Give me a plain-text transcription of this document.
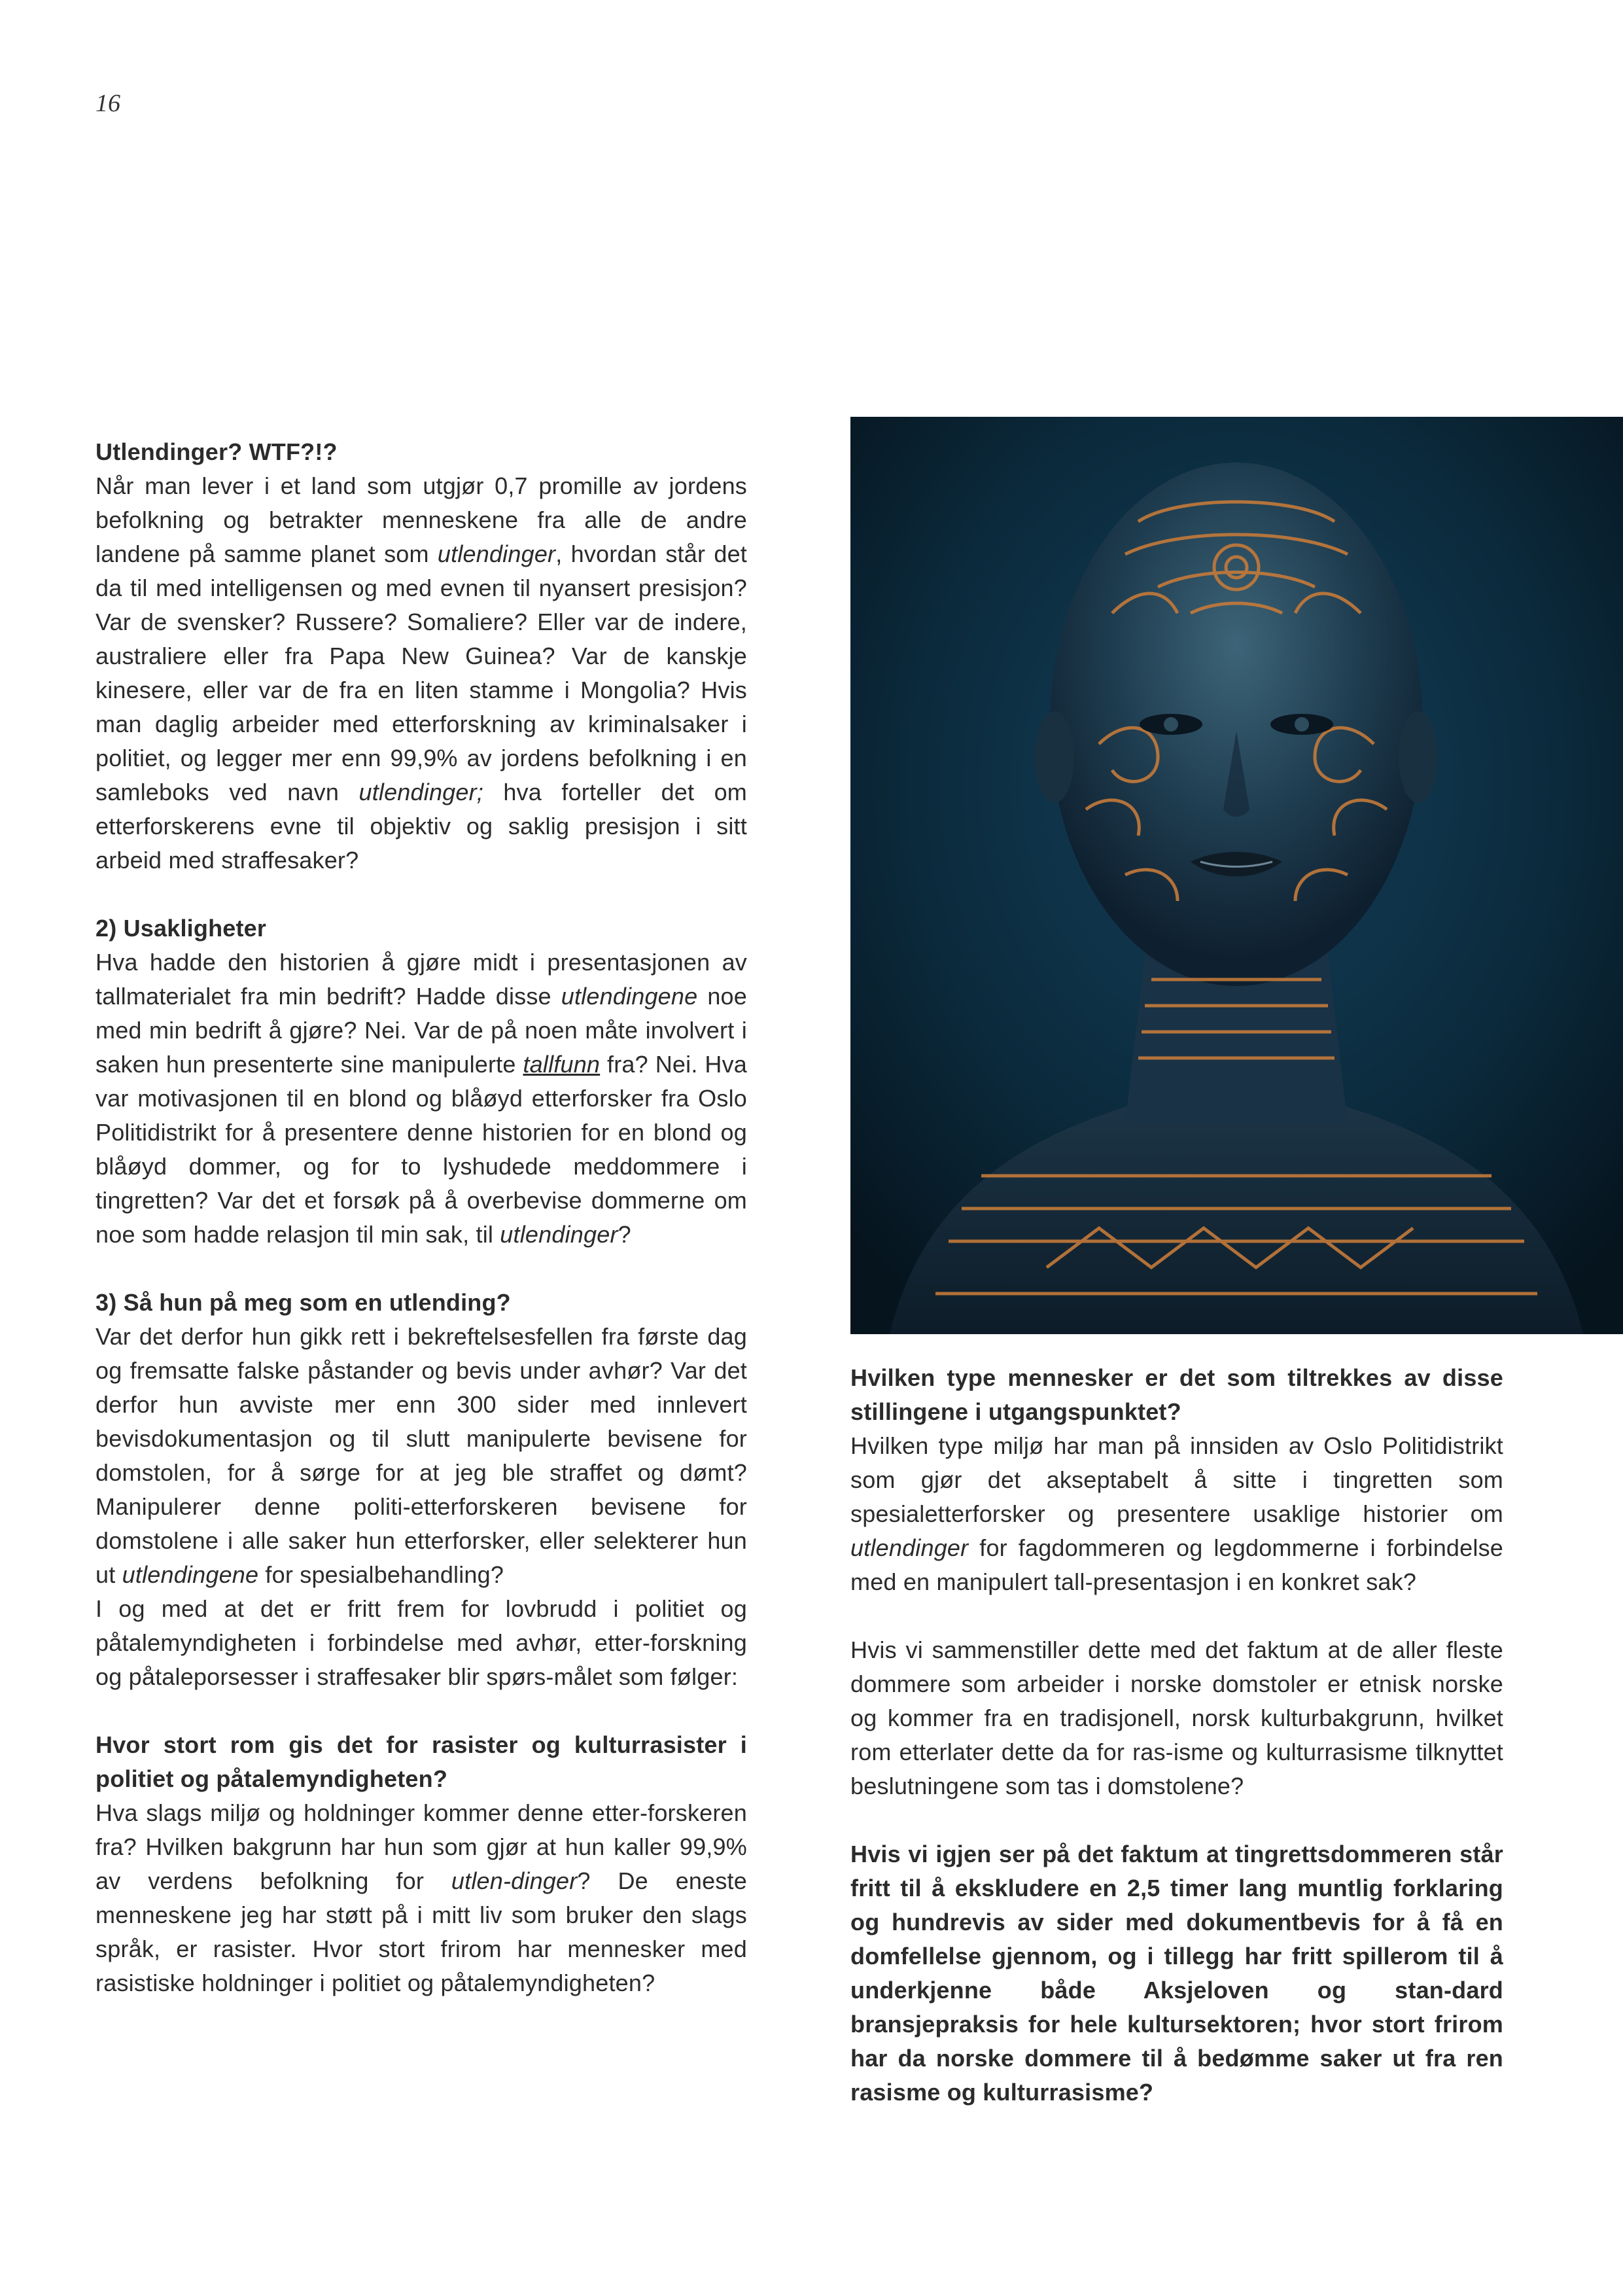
16
Utlendinger? WTF?!?

Når man lever i et land som utgjør 0,7 promille av jordens befolkning og betrakter menneskene fra alle de andre landene på samme planet som utlendinger, hvordan står det da til med intelligensen og med evnen til nyansert presisjon? Var de svensker? Russere? Somaliere? Eller var de indere, australiere eller fra Papa New Guinea? Var de kanskje kinesere, eller var de fra en liten stamme i Mongolia? Hvis man daglig arbeider med etterforskning av kriminalsaker i politiet, og legger mer enn 99,9% av jordens befolkning i en samleboks ved navn utlendinger; hva forteller det om etterforskerens evne til objektiv og saklig presisjon i sitt arbeid med straffesaker?

2) Usakligheter

Hva hadde den historien å gjøre midt i presentasjonen av tallmaterialet fra min bedrift? Hadde disse utlendingene noe med min bedrift å gjøre? Nei. Var de på noen måte involvert i saken hun presenterte sine manipulerte tallfunn fra? Nei. Hva var motivasjonen til en blond og blåøyd etterforsker fra Oslo Politidistrikt for å presentere denne historien for en blond og blåøyd dommer, og for to lyshudede meddommere i tingretten? Var det et forsøk på å overbevise dommerne om noe som hadde relasjon til min sak, til utlendinger?

3) Så hun på meg som en utlending?

Var det derfor hun gikk rett i bekreftelsesfellen fra første dag og fremsatte falske påstander og bevis under avhør? Var det derfor hun avviste mer enn 300 sider med innlevert bevisdokumentasjon og til slutt manipulerte bevisene for domstolen, for å sørge for at jeg ble straffet og dømt? Manipulerer denne politi-etterforskeren bevisene for domstolene i alle saker hun etterforsker, eller selekterer hun ut utlendingene for spesialbehandling?

I og med at det er fritt frem for lovbrudd i politiet og påtalemyndigheten i forbindelse med avhør, etter-forskning og påtaleporsesser i straffesaker blir spørs-målet som følger:

Hvor stort rom gis det for rasister og kulturrasister i politiet og påtalemyndigheten?

Hva slags miljø og holdninger kommer denne etter-forskeren fra? Hvilken bakgrunn har hun som gjør at hun kaller 99,9% av verdens befolkning for utlen-dinger? De eneste menneskene jeg har støtt på i mitt liv som bruker den slags språk, er rasister. Hvor stort frirom har mennesker med rasistiske holdninger i politiet og påtalemyndigheten?

Hvilken type mennesker er det som tiltrekkes av disse stillingene i utgangspunktet?

Hvilken type miljø har man på innsiden av Oslo Politidistrikt som gjør det akseptabelt å sitte i tingretten som spesialetterforsker og presentere usaklige historier om utlendinger for fagdommeren og legdommerne i forbindelse med en manipulert tall-presentasjon i en konkret sak?

Hvis vi sammenstiller dette med det faktum at de aller fleste dommere som arbeider i norske domstoler er etnisk norske og kommer fra en tradisjonell, norsk kulturbakgrunn, hvilket rom etterlater dette da for ras-isme og kulturrasisme tilknyttet beslutningene som tas i domstolene?

Hvis vi igjen ser på det faktum at tingrettsdommeren står fritt til å ekskludere en 2,5 timer lang muntlig forklaring og hundrevis av sider med dokumentbevis for å få en domfellelse gjennom, og i tillegg har fritt spillerom til å underkjenne både Aksjeloven og stan-dard bransjepraksis for hele kultursektoren; hvor stort frirom har da norske dommere til å bedømme saker ut fra ren rasisme og kulturrasisme?
